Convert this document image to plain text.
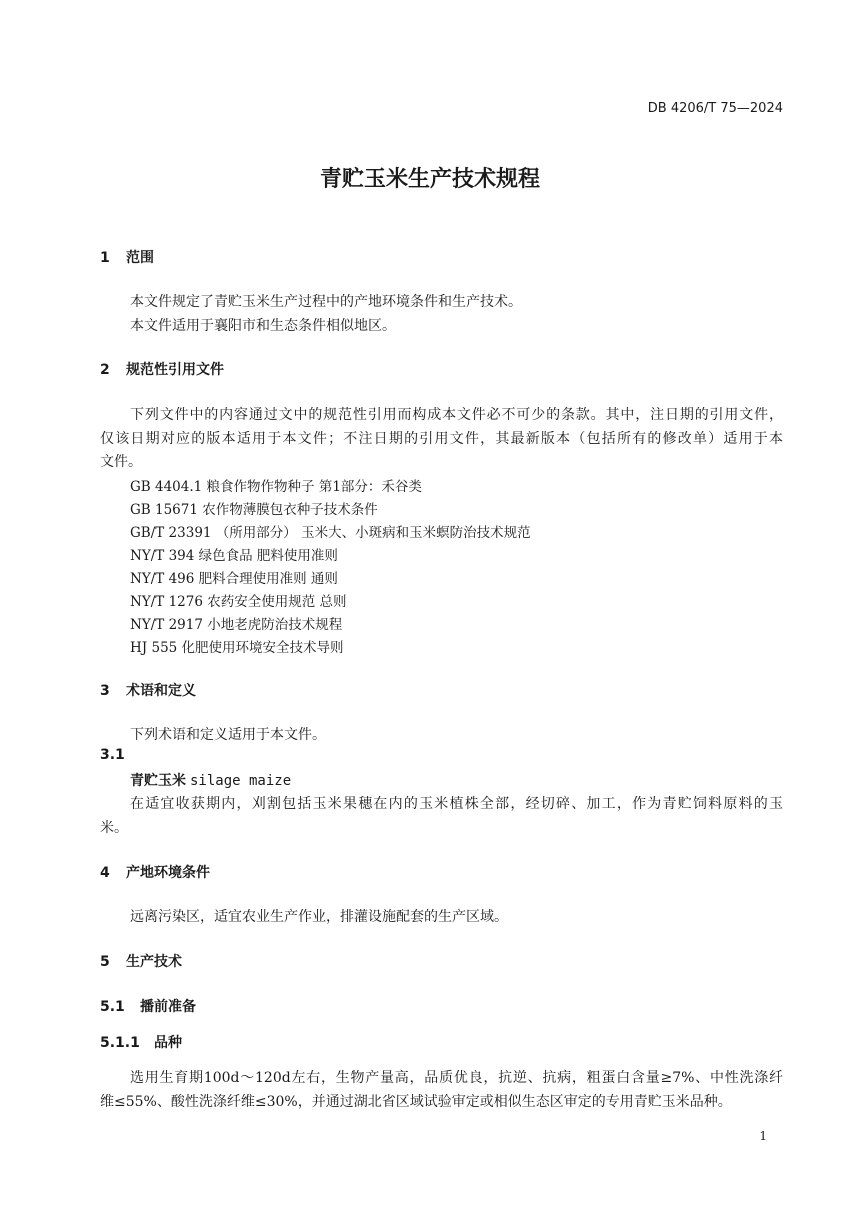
DB 4206/T 75—2024
青贮玉米生产技术规程
1 范围
本文件规定了青贮玉米生产过程中的产地环境条件和生产技术。
本文件适用于襄阳市和生态条件相似地区。
2 规范性引用文件
下列文件中的内容通过文中的规范性引用而构成本文件必不可少的条款。其中，注日期的引用文件，
仅该日期对应的版本适用于本文件；不注日期的引用文件，其最新版本（包括所有的修改单）适用于本
文件。
GB 4404.1 粮食作物作物种子 第1部分：禾谷类
GB 15671 农作物薄膜包衣种子技术条件
GB/T 23391 （所用部分） 玉米大、小斑病和玉米螟防治技术规范
NY/T 394 绿色食品 肥料使用准则
NY/T 496 肥料合理使用准则 通则
NY/T 1276 农药安全使用规范 总则
NY/T 2917 小地老虎防治技术规程
HJ 555 化肥使用环境安全技术导则
3 术语和定义
下列术语和定义适用于本文件。
3.1
青贮玉米 silage maize
在适宜收获期内，刈割包括玉米果穗在内的玉米植株全部，经切碎、加工，作为青贮饲料原料的玉
米。
4 产地环境条件
远离污染区，适宜农业生产作业，排灌设施配套的生产区域。
5 生产技术
5.1 播前准备
5.1.1 品种
选用生育期100d～120d左右，生物产量高，品质优良，抗逆、抗病，粗蛋白含量≥7%、中性洗涤纤
维≤55%、酸性洗涤纤维≤30%，并通过湖北省区域试验审定或相似生态区审定的专用青贮玉米品种。
1
